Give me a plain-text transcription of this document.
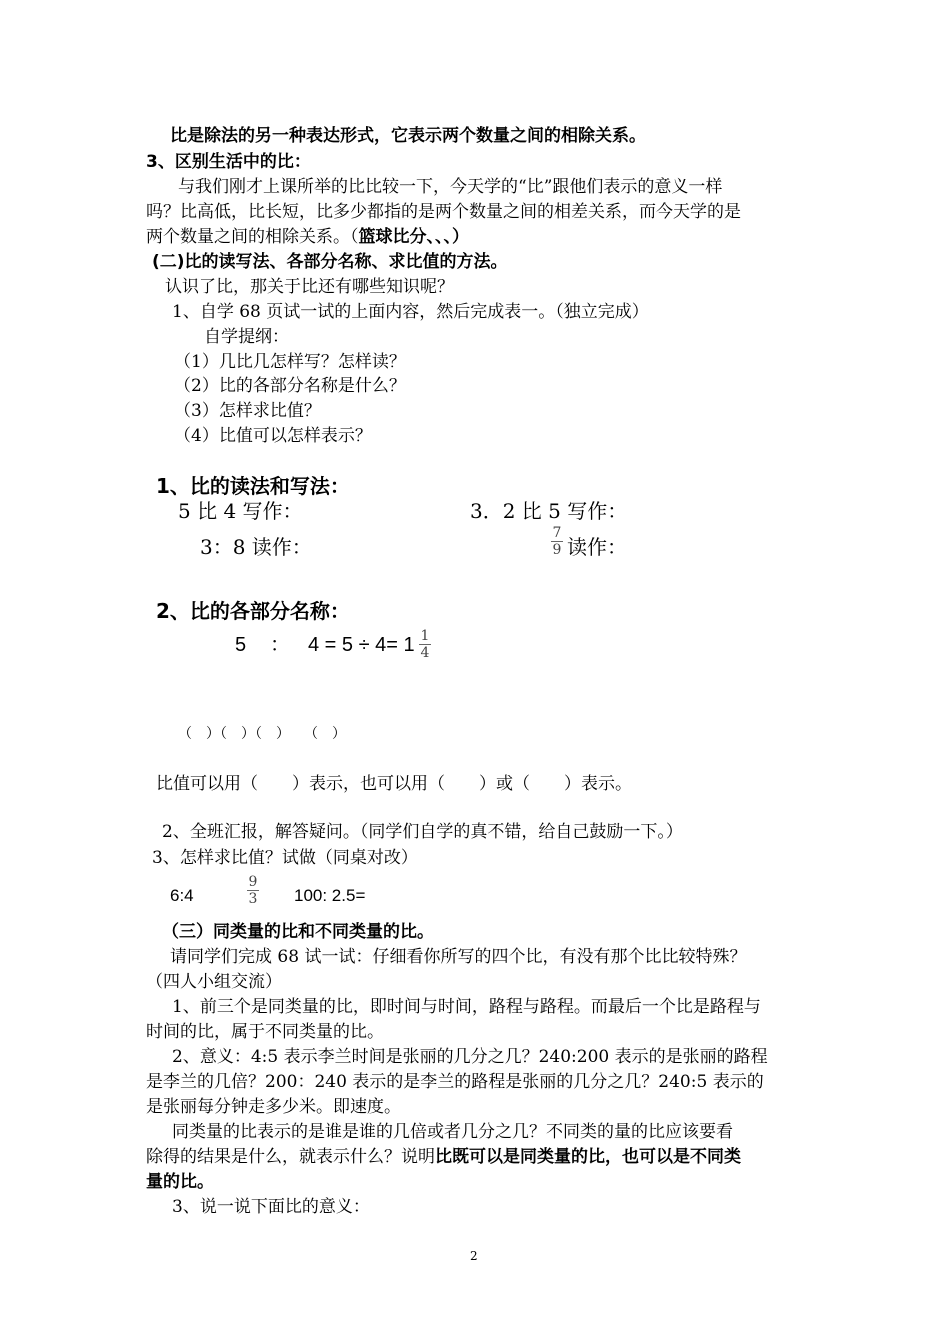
比是除法的另一种表达形式，它表示两个数量之间的相除关系。
3、区别生活中的比：
与我们刚才上课所举的比比较一下，今天学的“比”跟他们表示的意义一样
吗？比高低，比长短，比多少都指的是两个数量之间的相差关系，而今天学的是
两个数量之间的相除关系。（篮球比分、、、）
(二)比的读写法、各部分名称、求比值的方法。
认识了比，那关于比还有哪些知识呢？
1、自学 68 页试一试的上面内容，然后完成表一。（独立完成）
自学提纲：
（1）几比几怎样写？怎样读？
（2）比的各部分名称是什么？
（3）怎样求比值？
（4）比值可以怎样表示？
1、比的读法和写法：
5 比 4 写作：	3．2 比 5 写作：
3：8 读作：
7
9 读作：
2、比的各部分名称：
5 ： 4 = 5 ÷ 4= 1 1
4
（　）（　）（　）　　（　）
比值可以用（　　）表示，也可以用（　　）或（　　）表示。
2、全班汇报，解答疑问。（同学们自学的真不错，给自己鼓励一下。）
3、怎样求比值？试做（同桌对改）
6:4
9
3 100: 2.5=
（三）同类量的比和不同类量的比。
请同学们完成 68 试一试：仔细看你所写的四个比，有没有那个比比较特殊？
（四人小组交流）
1、前三个是同类量的比，即时间与时间，路程与路程。而最后一个比是路程与
时间的比，属于不同类量的比。
2、意义：4:5 表示李兰时间是张丽的几分之几？240:200 表示的是张丽的路程
是李兰的几倍？200：240 表示的是李兰的路程是张丽的几分之几？240:5 表示的
是张丽每分钟走多少米。即速度。
同类量的比表示的是谁是谁的几倍或者几分之几？不同类的量的比应该要看
除得的结果是什么，就表示什么？说明比既可以是同类量的比，也可以是不同类
量的比。
3、说一说下面比的意义：
2
